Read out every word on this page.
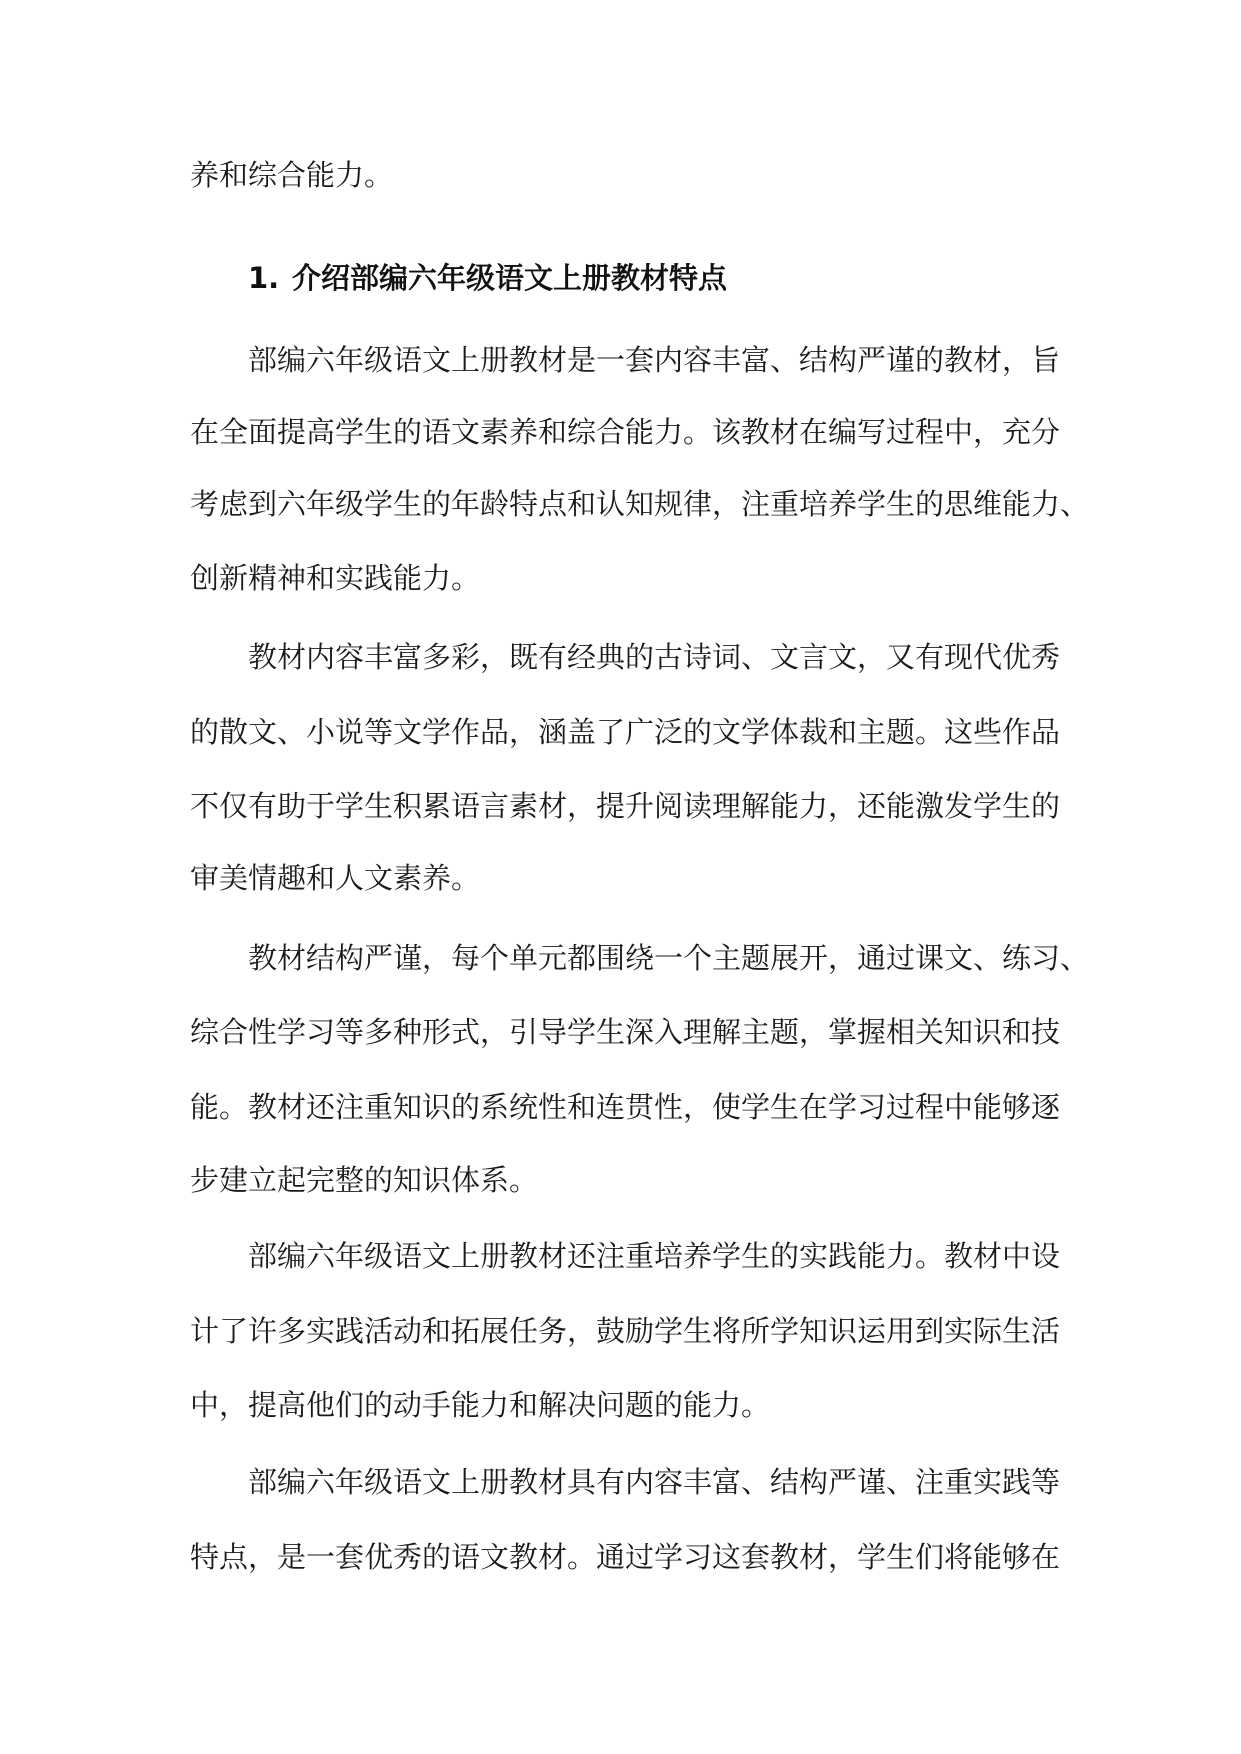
养和综合能力。

1. 介绍部编六年级语文上册教材特点

部编六年级语文上册教材是一套内容丰富、结构严谨的教材，旨

在全面提高学生的语文素养和综合能力。该教材在编写过程中，充分

考虑到六年级学生的年龄特点和认知规律，注重培养学生的思维能力、

创新精神和实践能力。

教材内容丰富多彩，既有经典的古诗词、文言文，又有现代优秀

的散文、小说等文学作品，涵盖了广泛的文学体裁和主题。这些作品

不仅有助于学生积累语言素材，提升阅读理解能力，还能激发学生的

审美情趣和人文素养。

教材结构严谨，每个单元都围绕一个主题展开，通过课文、练习、

综合性学习等多种形式，引导学生深入理解主题，掌握相关知识和技

能。教材还注重知识的系统性和连贯性，使学生在学习过程中能够逐

步建立起完整的知识体系。

部编六年级语文上册教材还注重培养学生的实践能力。教材中设

计了许多实践活动和拓展任务，鼓励学生将所学知识运用到实际生活

中，提高他们的动手能力和解决问题的能力。

部编六年级语文上册教材具有内容丰富、结构严谨、注重实践等

特点，是一套优秀的语文教材。通过学习这套教材，学生们将能够在
